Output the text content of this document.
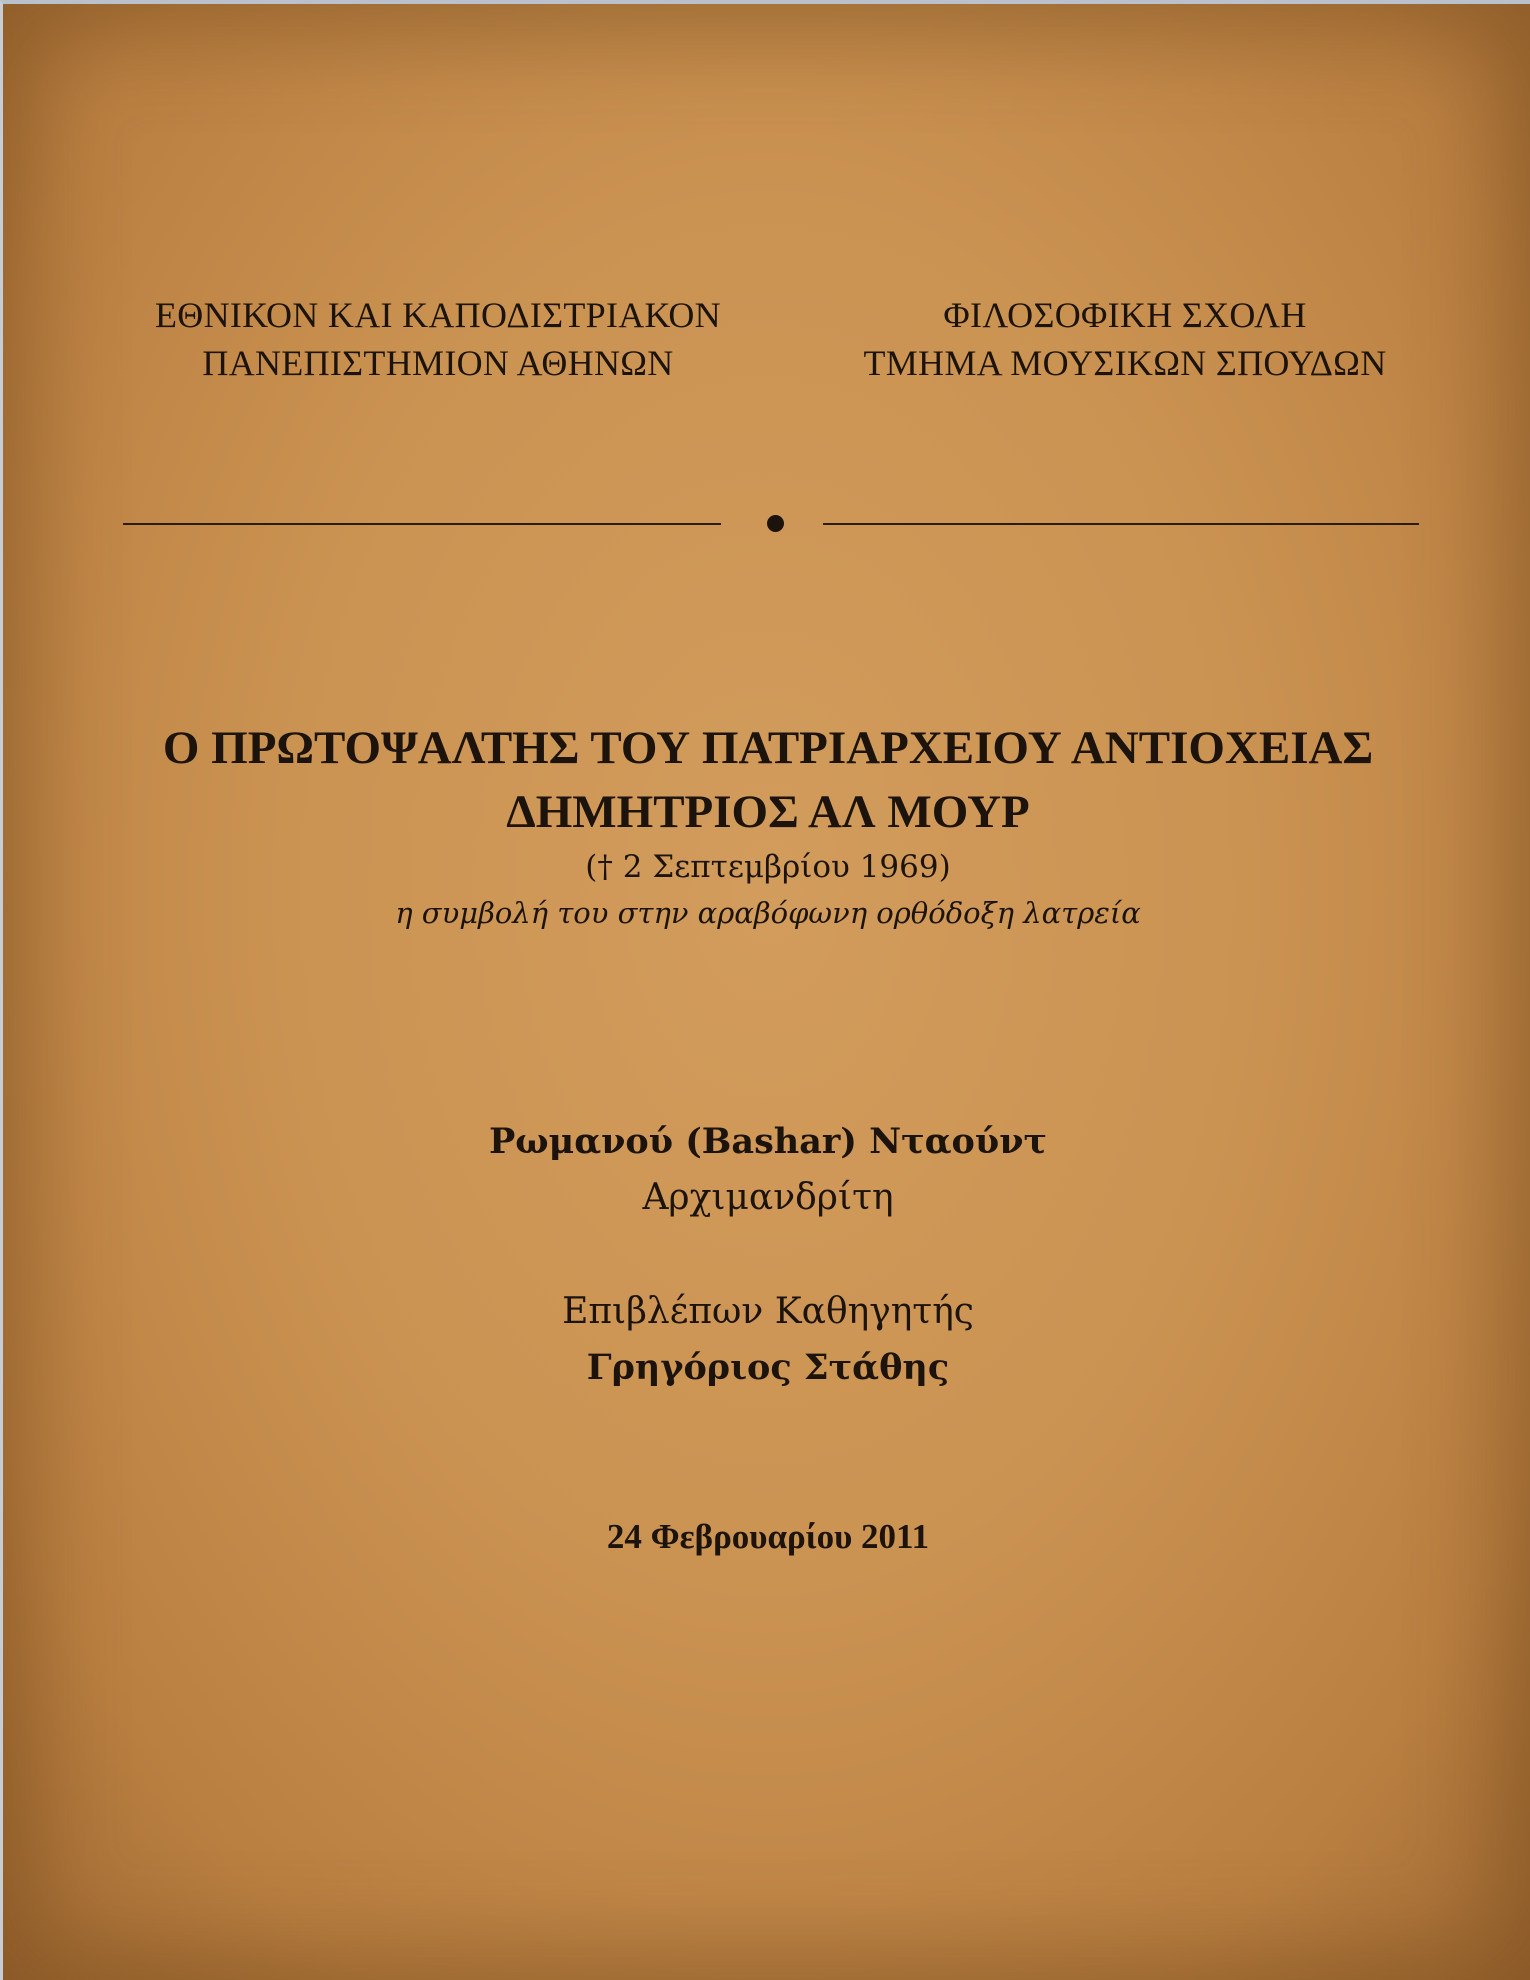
ΕΘΝΙΚΟΝ ΚΑΙ ΚΑΠΟΔΙΣΤΡΙΑΚΟΝ
ΠΑΝΕΠΙΣΤΗΜΙΟΝ ΑΘΗΝΩΝ
ΦΙΛΟΣΟΦΙΚΗ ΣΧΟΛΗ
ΤΜΗΜΑ ΜΟΥΣΙΚΩΝ ΣΠΟΥΔΩΝ
Ο ΠΡΩΤΟΨΑΛΤΗΣ ΤΟΥ ΠΑΤΡΙΑΡΧΕΙΟΥ ΑΝΤΙΟΧΕΙΑΣ
ΔΗΜΗΤΡΙΟΣ ΑΛ ΜΟΥΡ
(† 2 Σεπτεμβρίου 1969)
η συμβολή του στην αραβόφωνη ορθόδοξη λατρεία
Ρωμανού (Bashar) Νταούντ
Αρχιμανδρίτη
Επιβλέπων Καθηγητής
Γρηγόριος Στάθης
24 Φεβρουαρίου 2011
